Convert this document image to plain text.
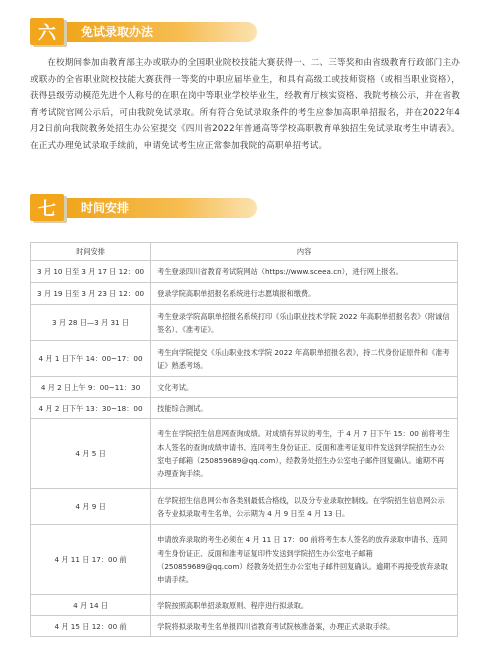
六	免试录取办法

在校期间参加由教育部主办或联办的全国职业院校技能大赛获得一、二、三等奖和由省级教育行政部门主办或联办的全省职业院校技能大赛获得一等奖的中职应届毕业生，和具有高级工或技师资格（或相当职业资格），获得县级劳动模范先进个人称号的在职在岗中等职业学校毕业生，经教育厅核实资格、我院考核公示，并在省教育考试院官网公示后，可由我院免试录取。所有符合免试录取条件的考生应参加高职单招报名，并在2022年4月2日前向我院教务处招生办公室提交《四川省2022年普通高等学校高职教育单独招生免试录取考生申请表》。在正式办理免试录取手续前，申请免试考生应正常参加我院的高职单招考试。

七	时间安排
时间安排	内容
3 月 10 日至 3 月 17 日 12：00	考生登录四川省教育考试院网站（https://www.sceea.cn），进行网上报名。
3 月 19 日至 3 月 23 日 12：00	登录学院高职单招报名系统进行志愿填报和缴费。
3 月 28 日—3 月 31 日	考生登录学院高职单招报名系统打印《乐山职业技术学院 2022 年高职单招报名表》（附诚信签名）、《准考证》。
4 月 1 日下午 14：00~17：00	考生向学院提交《乐山职业技术学院 2022 年高职单招报名表》，持二代身份证原件和《准考证》熟悉考场。
4 月 2 日上午 9：00~11：30	文化考试。
4 月 2 日下午 13：30~18：00	技能综合测试。
4 月 5 日	考生在学院招生信息网查询成绩。对成绩有异议的考生，于 4 月 7 日下午 15：00 前将考生本人签名的查询成绩申请书、连同考生身份证正、反面和准考证复印件发送到学院招生办公室电子邮箱（250859689@qq.com），经教务处招生办公室电子邮件回复确认。逾期不再办理查询手续。
4 月 9 日	在学院招生信息网公布各类别最低合格线，以及分专业录取控制线。在学院招生信息网公示各专业拟录取考生名单，公示期为 4 月 9 日至 4 月 13 日。
4 月 11 日 17：00 前	申请放弃录取的考生必须在 4 月 11 日 17：00 前将考生本人签名的放弃录取申请书、连同考生身份证正、反面和准考证复印件发送到学院招生办公室电子邮箱（250859689@qq.com）经教务处招生办公室电子邮件回复确认。逾期不再接受放弃录取申请手续。
4 月 14 日	学院按照高职单招录取原则、程序进行拟录取。
4 月 15 日 12：00 前	学院将拟录取考生名单报四川省教育考试院核准备案，办理正式录取手续。
